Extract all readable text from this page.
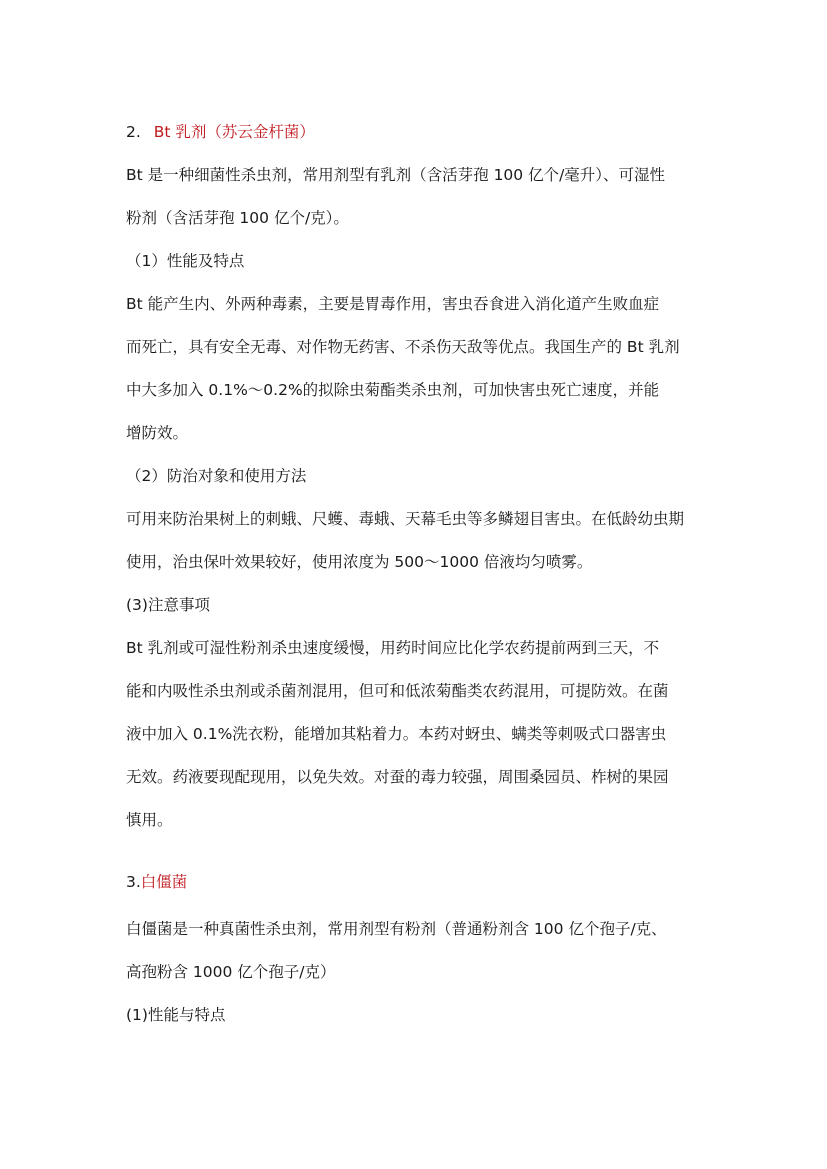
2. Bt 乳剂（苏云金杆菌）
Bt 是一种细菌性杀虫剂，常用剂型有乳剂（含活芽孢 100 亿个/毫升）、可湿性
粉剂（含活芽孢 100 亿个/克）。
（1）性能及特点
Bt 能产生内、外两种毒素，主要是胃毒作用，害虫吞食进入消化道产生败血症
而死亡，具有安全无毒、对作物无药害、不杀伤天敌等优点。我国生产的 Bt 乳剂
中大多加入 0.1%～0.2%的拟除虫菊酯类杀虫剂，可加快害虫死亡速度，并能
增防效。
（2）防治对象和使用方法
可用来防治果树上的刺蛾、尺蠖、毒蛾、天幕毛虫等多鳞翅目害虫。在低龄幼虫期
使用，治虫保叶效果较好，使用浓度为 500～1000 倍液均匀喷雾。
(3)注意事项
Bt 乳剂或可湿性粉剂杀虫速度缓慢，用药时间应比化学农药提前两到三天，不
能和内吸性杀虫剂或杀菌剂混用，但可和低浓菊酯类农药混用，可提防效。在菌
液中加入 0.1%洗衣粉，能增加其粘着力。本药对蚜虫、螨类等刺吸式口器害虫
无效。药液要现配现用，以免失效。对蚕的毒力较强，周围桑园员、柞树的果园
慎用。
3.白僵菌
白僵菌是一种真菌性杀虫剂，常用剂型有粉剂（普通粉剂含 100 亿个孢子/克、
高孢粉含 1000 亿个孢子/克）
(1)性能与特点
